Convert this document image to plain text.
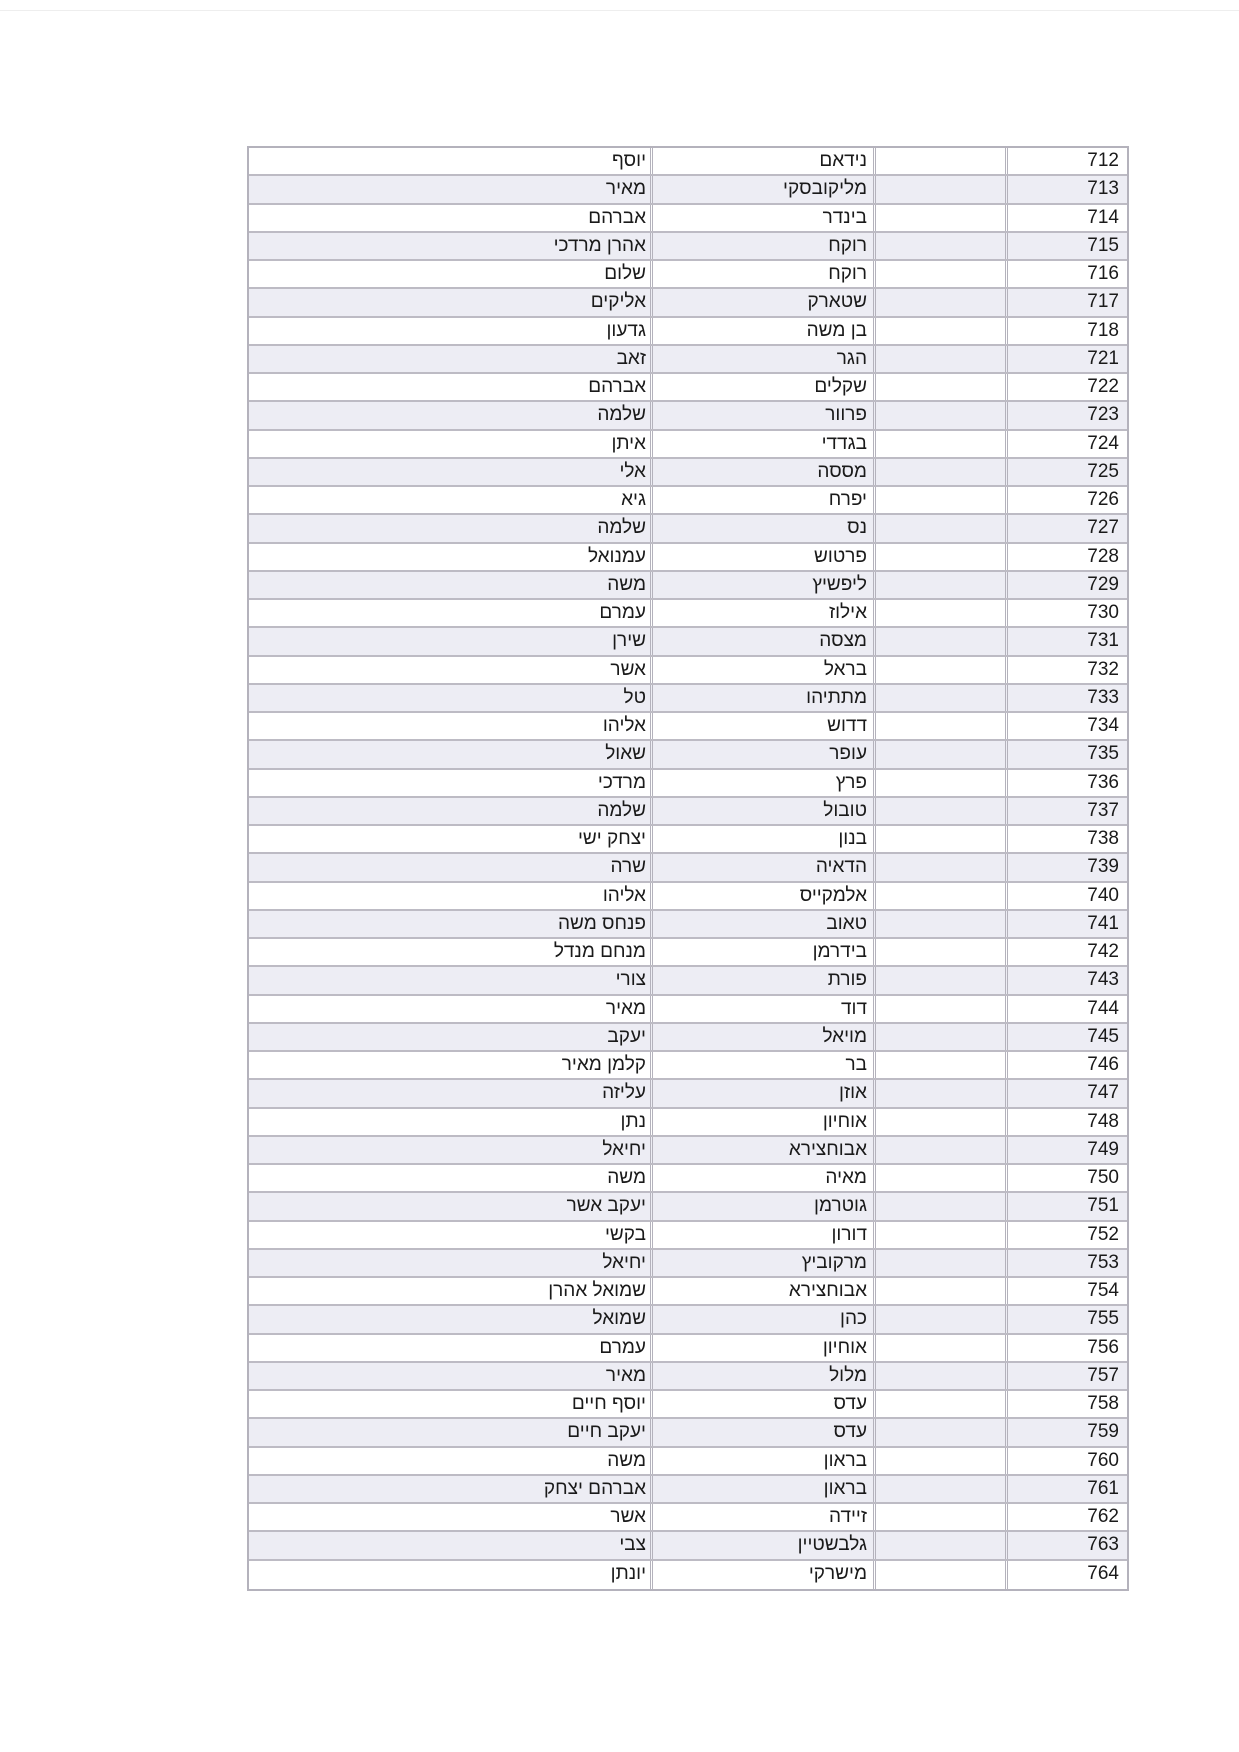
יוסף	נידאם	712
מאיר	מליקובסקי	713
אברהם	בינדר	714
אהרן מרדכי	רוקח	715
שלום	רוקח	716
אליקים	שטארק	717
גדעון	בן משה	718
זאב	הגר	721
אברהם	שקלים	722
שלמה	פרוור	723
איתן	בגדדי	724
אלי	מססה	725
גיא	יפרח	726
שלמה	נס	727
עמנואל	פרטוש	728
משה	ליפשיץ	729
עמרם	אילוז	730
שירן	מצסה	731
אשר	בראל	732
טל	מתתיהו	733
אליהו	דדוש	734
שאול	עופר	735
מרדכי	פרץ	736
שלמה	טובול	737
יצחק ישי	בנון	738
שרה	הדאיה	739
אליהו	אלמקייס	740
פנחס משה	טאוב	741
מנחם מנדל	בידרמן	742
צורי	פורת	743
מאיר	דוד	744
יעקב	מויאל	745
קלמן מאיר	בר	746
עליזה	אוזן	747
נתן	אוחיון	748
יחיאל	אבוחצירא	749
משה	מאיה	750
יעקב אשר	גוטרמן	751
בקשי	דורון	752
יחיאל	מרקוביץ	753
שמואל אהרן	אבוחצירא	754
שמואל	כהן	755
עמרם	אוחיון	756
מאיר	מלול	757
יוסף חיים	עדס	758
יעקב חיים	עדס	759
משה	בראון	760
אברהם יצחק	בראון	761
אשר	זיידה	762
צבי	גלבשטיין	763
יונתן	מישרקי	764
